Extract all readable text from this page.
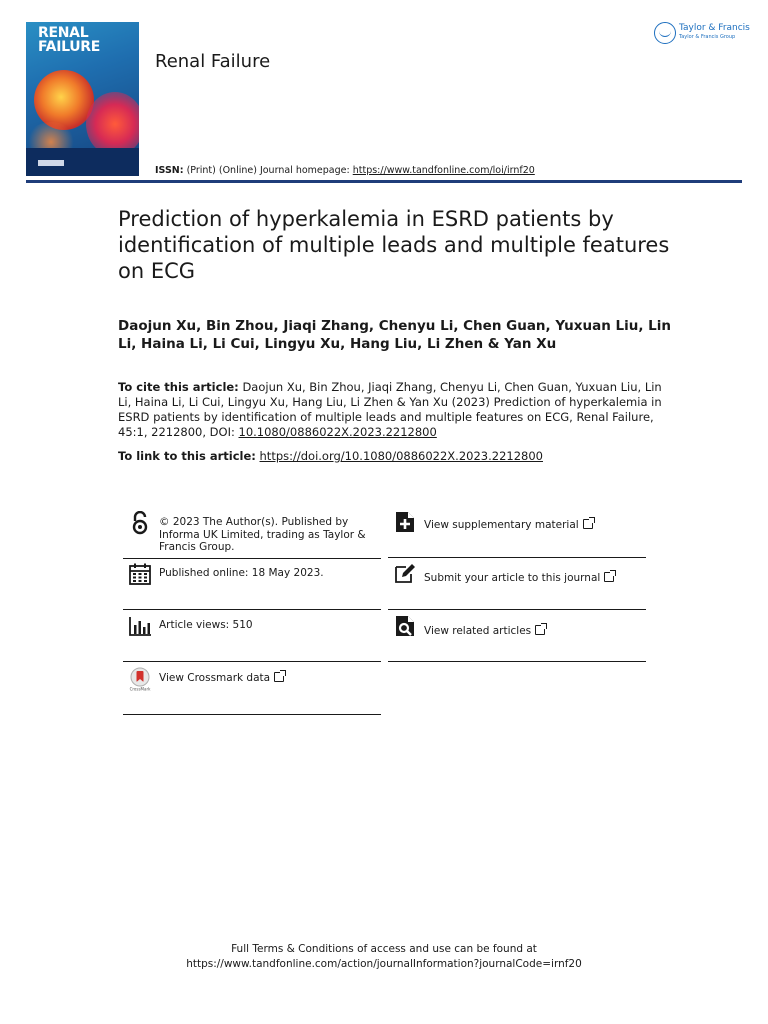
RENAL
FAILURE
Renal Failure
ISSN: (Print) (Online) Journal homepage: https://www.tandfonline.com/loi/irnf20
Taylor & Francis
Taylor & Francis Group
Prediction of hyperkalemia in ESRD patients by identification of multiple leads and multiple features on ECG
Daojun Xu, Bin Zhou, Jiaqi Zhang, Chenyu Li, Chen Guan, Yuxuan Liu, Lin Li, Haina Li, Li Cui, Lingyu Xu, Hang Liu, Li Zhen & Yan Xu
To cite this article: Daojun Xu, Bin Zhou, Jiaqi Zhang, Chenyu Li, Chen Guan, Yuxuan Liu, Lin Li, Haina Li, Li Cui, Lingyu Xu, Hang Liu, Li Zhen & Yan Xu (2023) Prediction of hyperkalemia in ESRD patients by identification of multiple leads and multiple features on ECG, Renal Failure, 45:1, 2212800, DOI: 10.1080/0886022X.2023.2212800
To link to this article: https://doi.org/10.1080/0886022X.2023.2212800
© 2023 The Author(s). Published by Informa UK Limited, trading as Taylor & Francis Group.
Published online: 18 May 2023.
Article views: 510
CrossMark
View Crossmark data
View supplementary material
Submit your article to this journal
View related articles
Full Terms & Conditions of access and use can be found at
https://www.tandfonline.com/action/journalInformation?journalCode=irnf20
